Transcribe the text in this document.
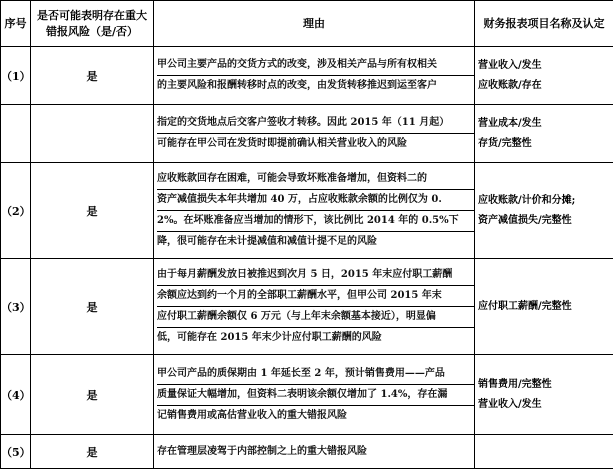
序号	是否可能表明存在重大
错报风险（是/否）	理由	财务报表项目名称及认定
（1）	是	甲公司主要产品的交货方式的改变，涉及相关产品与所有权相关
的主要风险和报酬转移时点的改变，由发货转移推迟到运至客户	营业收入/发生
应收账款/存在

		指定的交货地点后交客户签收才转移。因此 2015 年（11 月起）
可能存在甲公司在发货时即提前确认相关营业收入的风险	营业成本/发生
存货/完整性

（2）	是	应收账款回存在困难，可能会导致坏账准备增加，但资料二的
资产减值损失本年共增加 40 万，占应收账款余额的比例仅为 0.
2%。在坏账准备应当增加的情形下，该比例比 2014 年的 0.5%下
降，很可能存在未计提减值和减值计提不足的风险	应收账款/计价和分摊;
资产减值损失/完整性

（3）	是	由于每月薪酬发放日被推迟到次月 5 日，2015 年末应付职工薪酬
余额应达到约一个月的全部职工薪酬水平，但甲公司 2015 年末
应付职工薪酬余额仅 6 万元（与上年末余额基本接近），明显偏
低，可能存在 2015 年末少计应付职工薪酬的风险	应付职工薪酬/完整性

（4）	是	甲公司产品的质保期由 1 年延长至 2 年，预计销售费用——产品
质量保证大幅增加，但资料二表明该余额仅增加了 1.4%，存在漏
记销售费用或高估营业收入的重大错报风险	销售费用/完整性
营业收入/发生

（5）	是	存在管理层凌驾于内部控制之上的重大错报风险	
